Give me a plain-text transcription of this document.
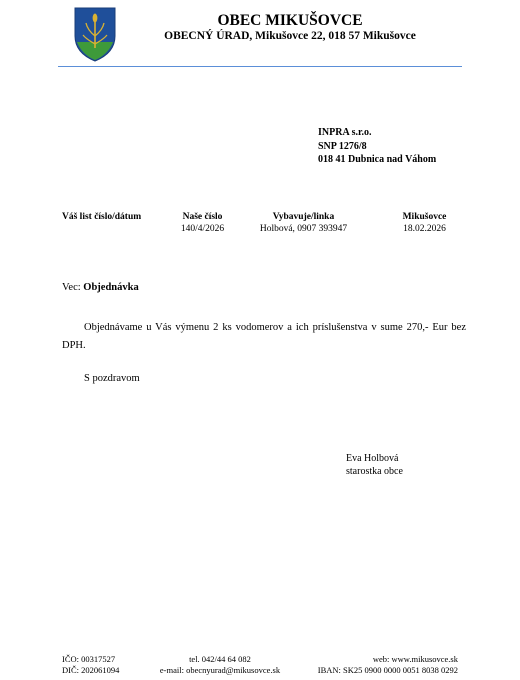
OBEC MIKUŠOVCE
OBECNÝ ÚRAD, Mikušovce 22, 018 57 Mikušovce
INPRA s.r.o.
SNP 1276/8
018 41 Dubnica nad Váhom
Váš list číslo/dátum	Naše číslo
140/4/2026
Vybavuje/linka
Holbová, 0907 393947
Mikušovce
18.02.2026
Vec: Objednávka
Objednávame u Vás výmenu 2 ks vodomerov a ich príslušenstva v sume 270,- Eur bez DPH.
S pozdravom
Eva Holbová
starostka obce
IČO: 00317527
DIČ: 202061094
tel. 042/44 64 082
e-mail: obecnyurad@mikusovce.sk
web: www.mikusovce.sk
IBAN: SK25 0900 0000 0051 8038 0292
